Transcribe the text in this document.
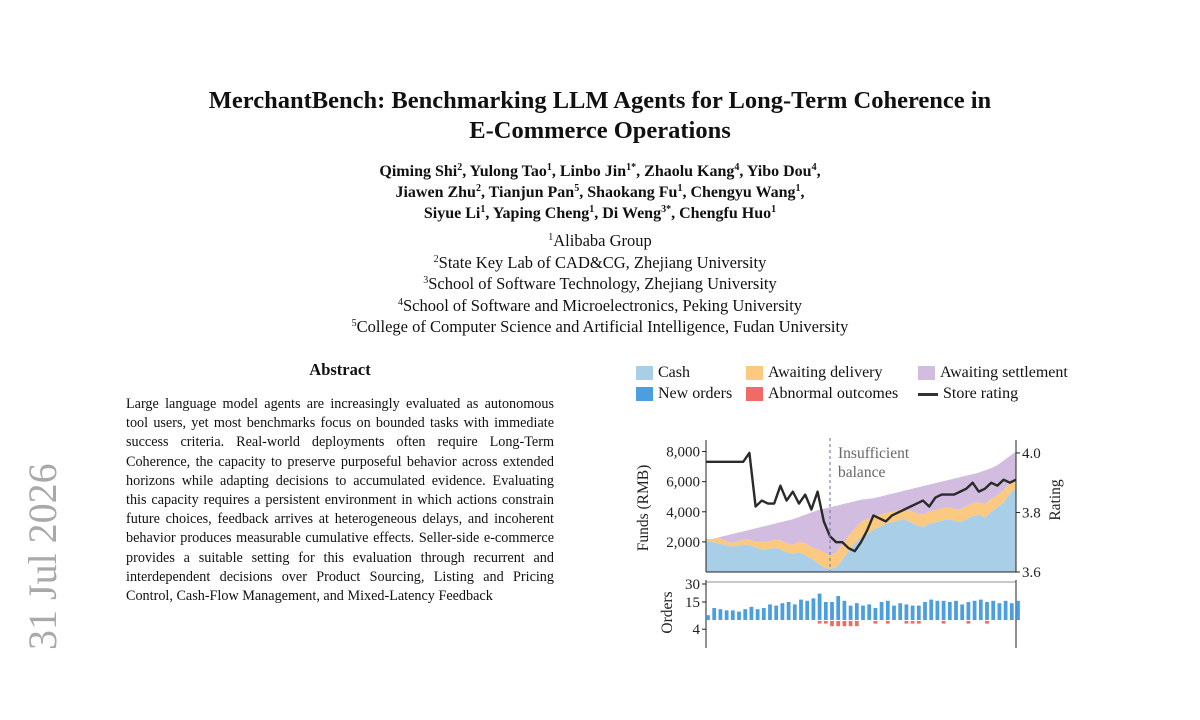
31 Jul 2026
MerchantBench: Benchmarking LLM Agents for Long-Term Coherence in
E-Commerce Operations
Qiming Shi$^2$, Yulong Tao$^1$, Linbo Jin$^{1*}$, Zhaolu Kang$^4$, Yibo Dou$^4$,
Jiawen Zhu$^2$, Tianjun Pan$^5$, Shaokang Fu$^1$, Chengyu Wang$^1$,
Siyue Li$^1$, Yaping Cheng$^1$, Di Weng$^{3*}$, Chengfu Huo$^1$
$^1$Alibaba Group
$^2$State Key Lab of CAD&CG, Zhejiang University
$^3$School of Software Technology, Zhejiang University
$^4$School of Software and Microelectronics, Peking University
$^5$College of Computer Science and Artificial Intelligence, Fudan University
Abstract
Large language model agents are increasingly evaluated as autonomous tool users, yet most benchmarks focus on bounded tasks with immediate success criteria. Real-world deployments often require Long-Term Coherence, the capacity to preserve purposeful behavior across extended horizons while adapting decisions to accumulated evidence. Evaluating this capacity requires a persistent environment in which actions constrain future choices, feedback arrives at heterogeneous delays, and incoherent behavior produces measurable cumulative effects. Seller-side e-commerce provides a suitable setting for this evaluation through recurrent and interdependent decisions over Product Sourcing, Listing and Pricing Control, Cash-Flow Management, and Mixed-Latency Feedback
Cash	Awaiting delivery	Awaiting settlement
New orders Abnormal outcomes	Store rating
2,000
4,000
6,000
8,000
3.6
3.8
4.0
Funds (RMB)	Rating
Insufficient
balance
4
15
30
Orders
